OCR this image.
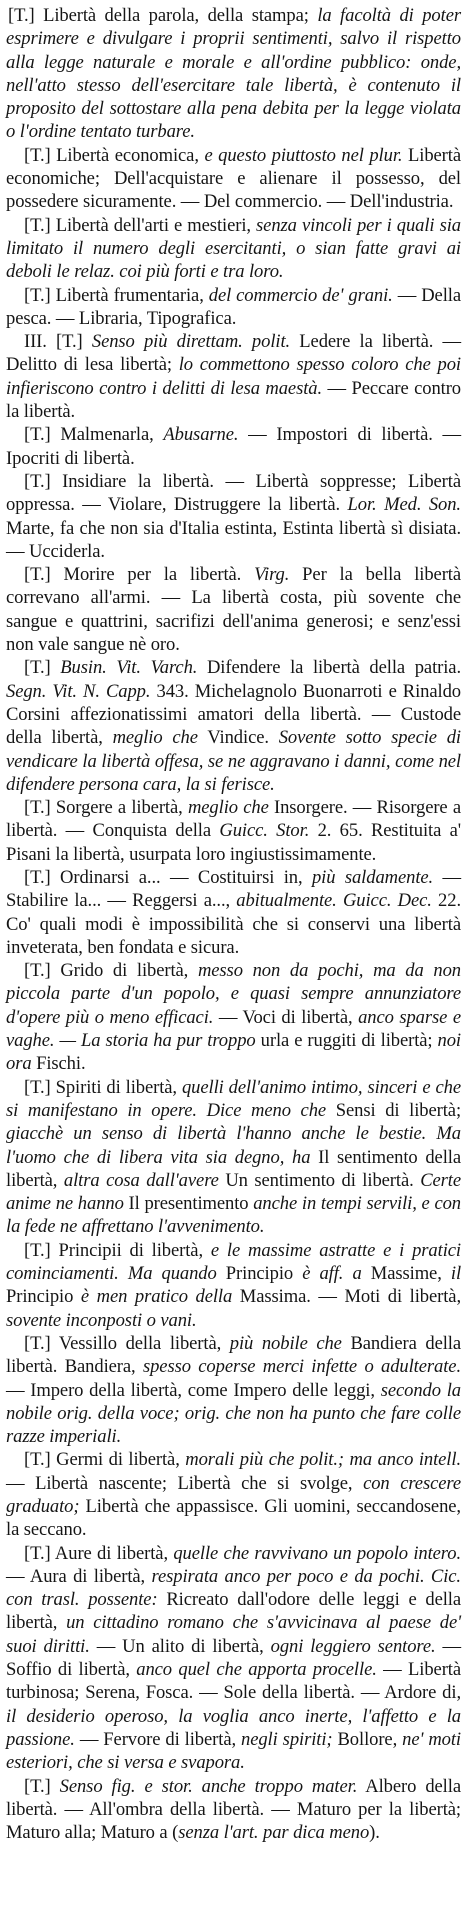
[T.] Libertà della parola, della stampa; la facoltà di poter esprimere e divulgare i proprii sentimenti, salvo il rispetto alla legge naturale e morale e all'ordine pubblico: onde, nell'atto stesso dell'esercitare tale libertà, è contenuto il proposito del sottostare alla pena debita per la legge violata o l'ordine tentato turbare.

[T.] Libertà economica, e questo piuttosto nel plur. Libertà economiche; Dell'acquistare e alienare il possesso, del possedere sicuramente. — Del commercio. — Dell'industria.

[T.] Libertà dell'arti e mestieri, senza vincoli per i quali sia limitato il numero degli esercitanti, o sian fatte gravi ai deboli le relaz. coi più forti e tra loro.

[T.] Libertà frumentaria, del commercio de' grani. — Della pesca. — Libraria, Tipografica.

III. [T.] Senso più direttam. polit. Ledere la libertà. — Delitto di lesa libertà; lo commettono spesso coloro che poi infieriscono contro i delitti di lesa maestà. — Peccare contro la libertà.

[T.] Malmenarla, Abusarne. — Impostori di libertà. — Ipocriti di libertà.

[T.] Insidiare la libertà. — Libertà soppresse; Libertà oppressa. — Violare, Distruggere la libertà. Lor. Med. Son. Marte, fa che non sia d'Italia estinta, Estinta libertà sì disiata. — Ucciderla.

[T.] Morire per la libertà. Virg. Per la bella libertà correvano all'armi. — La libertà costa, più sovente che sangue e quattrini, sacrifizi dell'anima generosi; e senz'essi non vale sangue nè oro.

[T.] Busin. Vit. Varch. Difendere la libertà della patria. Segn. Vit. N. Capp. 343. Michelagnolo Buonarroti e Rinaldo Corsini affezionatissimi amatori della libertà. — Custode della libertà, meglio che Vindice. Sovente sotto specie di vendicare la libertà offesa, se ne aggravano i danni, come nel difendere persona cara, la si ferisce.

[T.] Sorgere a libertà, meglio che Insorgere. — Risorgere a libertà. — Conquista della Guicc. Stor. 2. 65. Restituita a' Pisani la libertà, usurpata loro ingiustissimamente.

[T.] Ordinarsi a... — Costituirsi in, più saldamente. — Stabilire la... — Reggersi a..., abitualmente. Guicc. Dec. 22. Co' quali modi è impossibilità che si conservi una libertà inveterata, ben fondata e sicura.

[T.] Grido di libertà, messo non da pochi, ma da non piccola parte d'un popolo, e quasi sempre annunziatore d'opere più o meno efficaci. — Voci di libertà, anco sparse e vaghe. — La storia ha pur troppo urla e ruggiti di libertà; noi ora Fischi.

[T.] Spiriti di libertà, quelli dell'animo intimo, sinceri e che si manifestano in opere. Dice meno che Sensi di libertà; giacchè un senso di libertà l'hanno anche le bestie. Ma l'uomo che di libera vita sia degno, ha Il sentimento della libertà, altra cosa dall'avere Un sentimento di libertà. Certe anime ne hanno Il presentimento anche in tempi servili, e con la fede ne affrettano l'avvenimento.

[T.] Principii di libertà, e le massime astratte e i pratici cominciamenti. Ma quando Principio è aff. a Massime, il Principio è men pratico della Massima. — Moti di libertà, sovente inconposti o vani.

[T.] Vessillo della libertà, più nobile che Bandiera della libertà. Bandiera, spesso coperse merci infette o adulterate. — Impero della libertà, come Impero delle leggi, secondo la nobile orig. della voce; orig. che non ha punto che fare colle razze imperiali.

[T.] Germi di libertà, morali più che polit.; ma anco intell. — Libertà nascente; Libertà che si svolge, con crescere graduato; Libertà che appassisce. Gli uomini, seccandosene, la seccano.

[T.] Aure di libertà, quelle che ravvivano un popolo intero. — Aura di libertà, respirata anco per poco e da pochi. Cic. con trasl. possente: Ricreato dall'odore delle leggi e della libertà, un cittadino romano che s'avvicinava al paese de' suoi diritti. — Un alito di libertà, ogni leggiero sentore. — Soffio di libertà, anco quel che apporta procelle. — Libertà turbinosa; Serena, Fosca. — Sole della libertà. — Ardore di, il desiderio operoso, la voglia anco inerte, l'affetto e la passione. — Fervore di libertà, negli spiriti; Bollore, ne' moti esteriori, che si versa e svapora.

[T.] Senso fig. e stor. anche troppo mater. Albero della libertà. — All'ombra della libertà. — Maturo per la libertà; Maturo alla; Maturo a (senza l'art. par dica meno).
